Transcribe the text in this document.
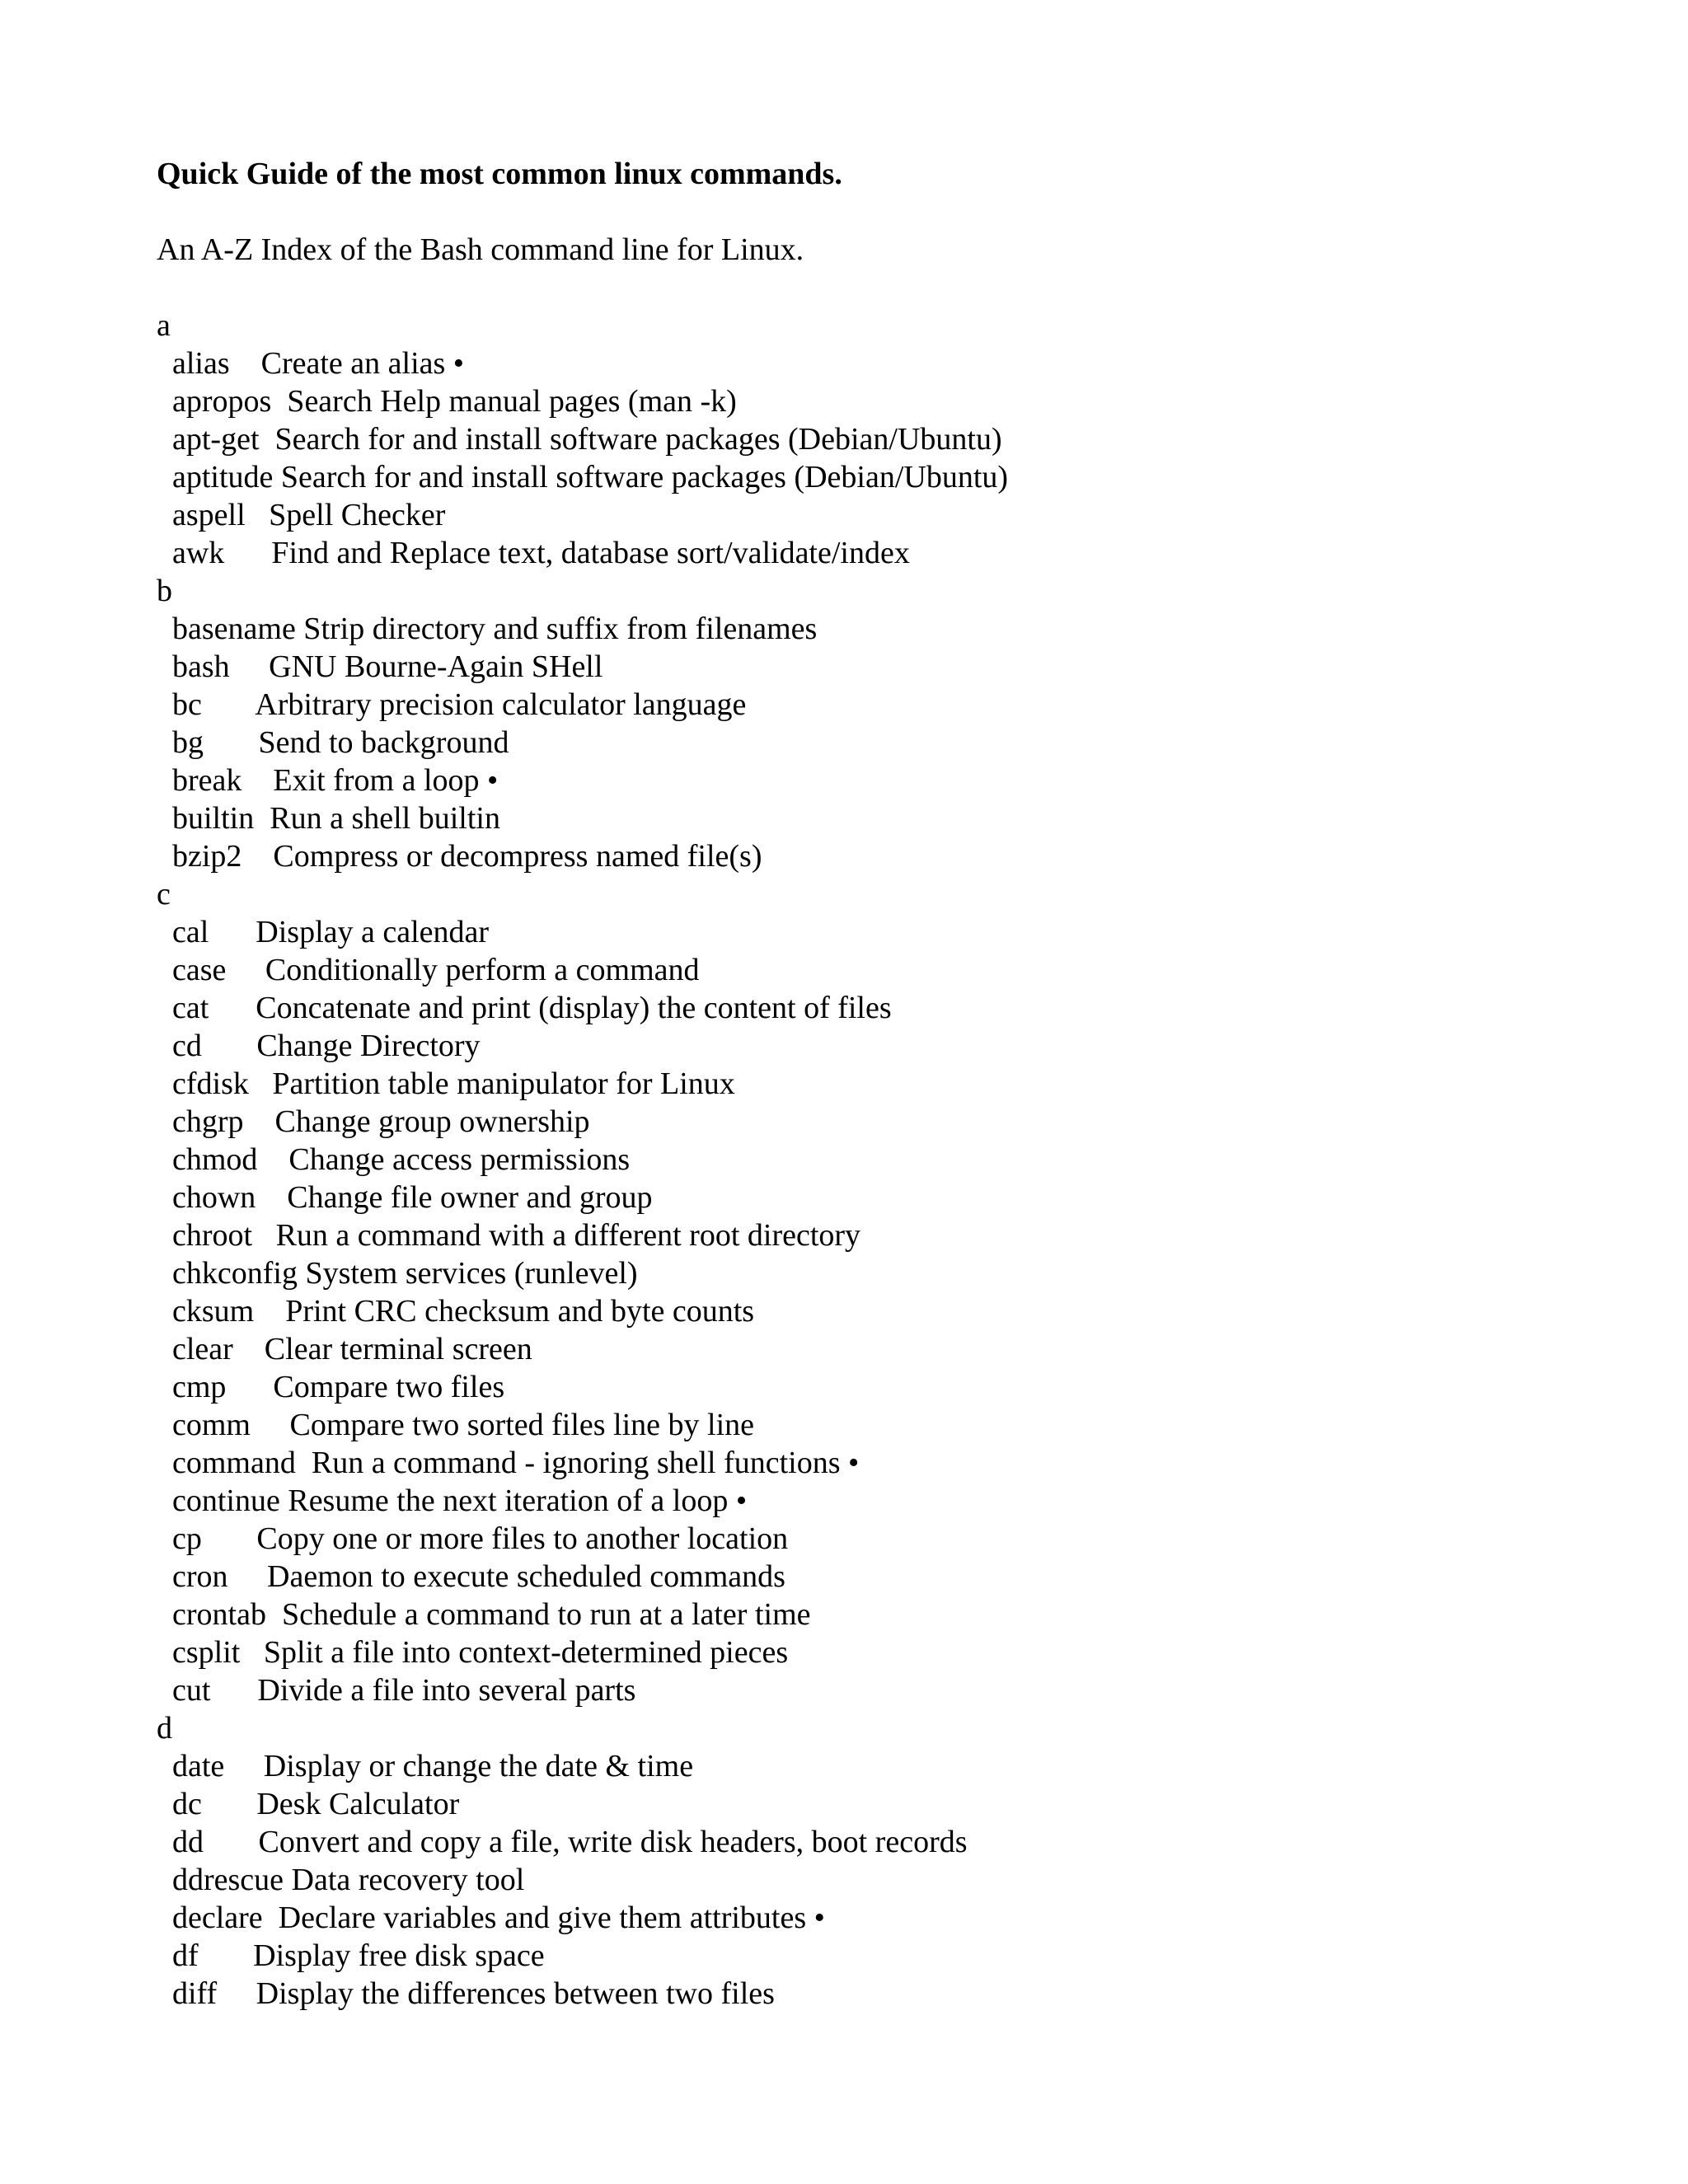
Quick Guide of the most common linux commands.
An A-Z Index of the Bash command line for Linux.
a
alias    Create an alias •
apropos  Search Help manual pages (man -k)
apt-get  Search for and install software packages (Debian/Ubuntu)
aptitude Search for and install software packages (Debian/Ubuntu)
aspell   Spell Checker
awk      Find and Replace text, database sort/validate/index
b
basename Strip directory and suffix from filenames
bash     GNU Bourne-Again SHell
bc       Arbitrary precision calculator language
bg       Send to background
break    Exit from a loop •
builtin  Run a shell builtin
bzip2    Compress or decompress named file(s)
c
cal      Display a calendar
case     Conditionally perform a command
cat      Concatenate and print (display) the content of files
cd       Change Directory
cfdisk   Partition table manipulator for Linux
chgrp    Change group ownership
chmod    Change access permissions
chown    Change file owner and group
chroot   Run a command with a different root directory
chkconfig System services (runlevel)
cksum    Print CRC checksum and byte counts
clear    Clear terminal screen
cmp      Compare two files
comm     Compare two sorted files line by line
command  Run a command - ignoring shell functions •
continue Resume the next iteration of a loop •
cp       Copy one or more files to another location
cron     Daemon to execute scheduled commands
crontab  Schedule a command to run at a later time
csplit   Split a file into context-determined pieces
cut      Divide a file into several parts
d
date     Display or change the date & time
dc       Desk Calculator
dd       Convert and copy a file, write disk headers, boot records
ddrescue Data recovery tool
declare  Declare variables and give them attributes •
df       Display free disk space
diff     Display the differences between two files
